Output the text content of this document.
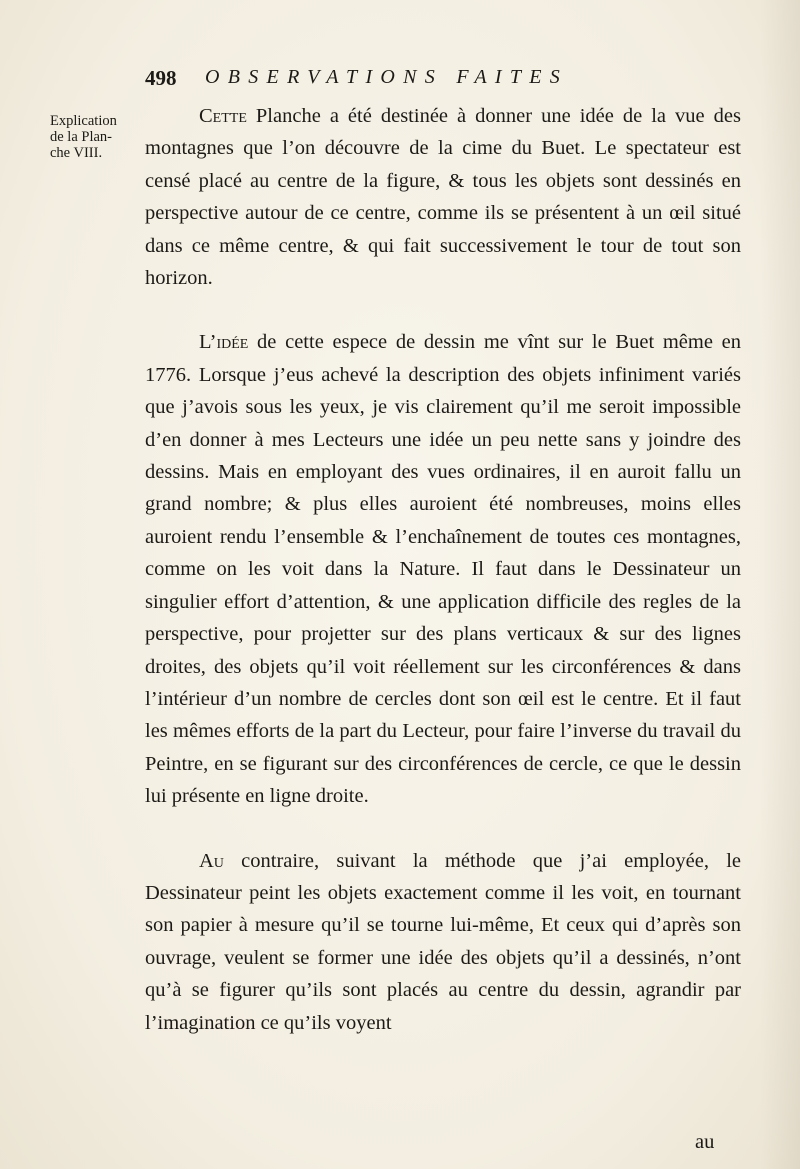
498 OBSERVATIONS FAITES
Explication
de la Plan-
che VIII.

Cette Planche a été destinée à donner une idée de la vue des montagnes que l’on découvre de la cime du Buet. Le spectateur est censé placé au centre de la figure, & tous les objets sont dessinés en perspective autour de ce centre, comme ils se présentent à un œil situé dans ce même centre, & qui fait successivement le tour de tout son horizon.

L’idée de cette espece de dessin me vînt sur le Buet même en 1776. Lorsque j’eus achevé la description des objets infiniment variés que j’avois sous les yeux, je vis clairement qu’il me seroit impossible d’en donner à mes Lecteurs une idée un peu nette sans y joindre des dessins. Mais en employant des vues ordinaires, il en auroit fallu un grand nombre; & plus elles auroient été nombreuses, moins elles auroient rendu l’ensemble & l’enchaînement de toutes ces montagnes, comme on les voit dans la Nature. Il faut dans le Dessinateur un singulier effort d’attention, & une application difficile des regles de la perspective, pour projetter sur des plans verticaux & sur des lignes droites, des objets qu’il voit réellement sur les circonférences & dans l’intérieur d’un nombre de cercles dont son œil est le centre. Et il faut les mêmes efforts de la part du Lecteur, pour faire l’inverse du travail du Peintre, en se figurant sur des circonférences de cercle, ce que le dessin lui présente en ligne droite.

Au contraire, suivant la méthode que j’ai employée, le Dessinateur peint les objets exactement comme il les voit, en tournant son papier à mesure qu’il se tourne lui-même, Et ceux qui d’après son ouvrage, veulent se former une idée des objets qu’il a dessinés, n’ont qu’à se figurer qu’ils sont placés au centre du dessin, agrandir par l’imagination ce qu’ils voyent

au
